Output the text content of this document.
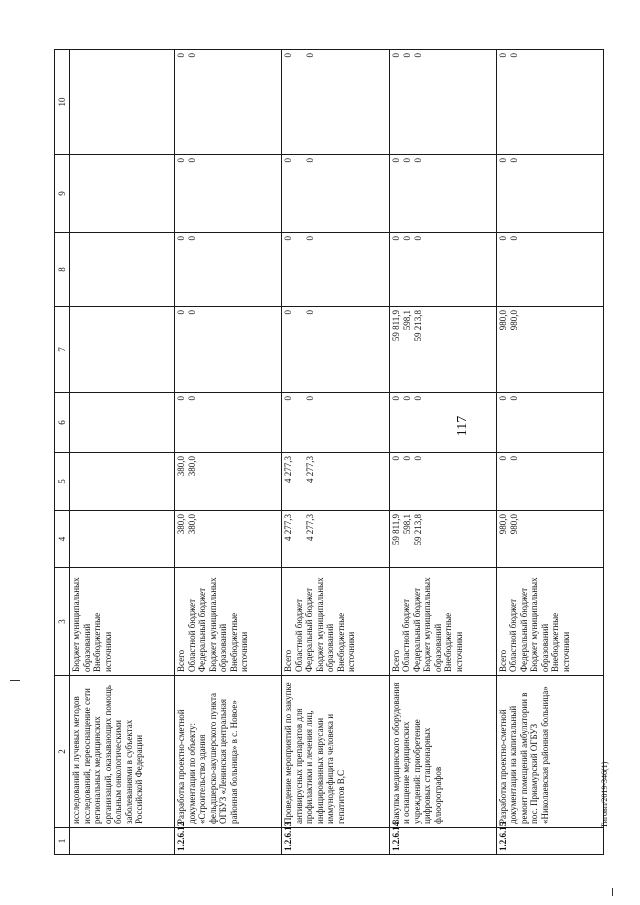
117
1	2	3	4	5	6	7	8	9	10
	исследований и лучевых методов исследований, переоснащение сети региональных медицинских организаций, оказывающих помощь больным онкологическими заболеваниями в субъектах Российской Федерации	Бюджет муниципальных образований Внебюджетные источники							

1.2.6.12	Разработка проектно-сметной документации по объекту: «Строительство здания фельдшерско-акушерского пункта ОГБУЗ «Ленинская центральная районная больница» в с. Новое»	Всего Областной бюджет Федеральный бюджет Бюджет муниципальных образований Внебюджетные источники	380,0 380,0	380,0 380,0	0 0	0 0	0 0	0 0	0 0

1.2.6.13	Проведение мероприятий по закупке антивирусных препаратов для профилактики и лечения лиц, инфицированных вирусами иммунодефицита человека и гепатитов В,С	Всего Областной бюджет Федеральный бюджет Бюджет муниципальных образований Внебюджетные источники	4 277,3 4 277,3	4 277,3 4 277,3	0 0	0 0	0 0	0 0	0 0

1.2.6.14	Закупка медицинского оборудования и оснащение медицинских учреждений: приобретение цифровых стационарных флюорографов	Всего Областной бюджет Федеральный бюджет Бюджет муниципальных образований Внебюджетные источники	59 811,9 598,1 59 213,8	0 0 0	0 0 0	59 811,9 598,1 59 213,8	0 0 0	0 0 0	0 0 0

1.2.6.15	Разработка проектно-сметной документации на капитальный ремонт помещений амбулатории в пос. Приамурский ОГБУЗ «Николаевская районная больница»	Всего Областной бюджет Федеральный бюджет Бюджет муниципальных образований Внебюджетные источники	980,0 980,0	0 0	0 0	980,0 980,0	0 0	0 0	0 0
Тиговп/2019-346(1)
